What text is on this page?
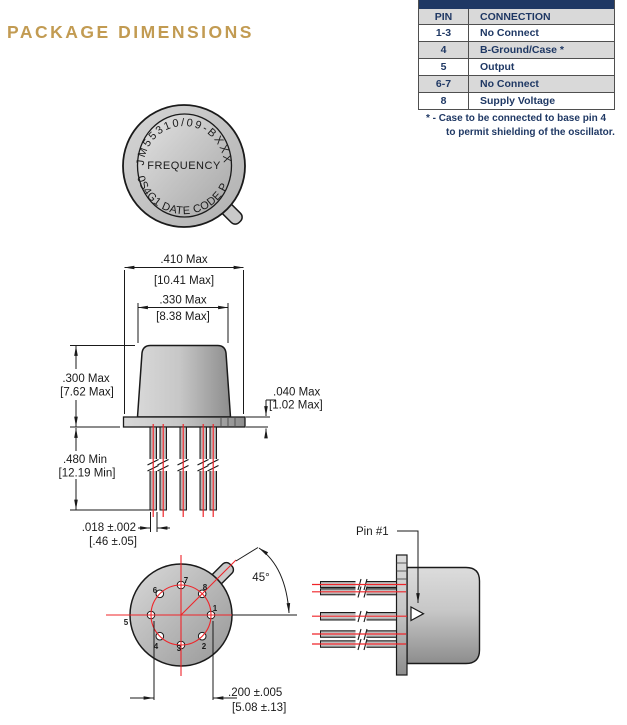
PACKAGE DIMENSIONS
PIN	CONNECTION
1-3	No Connect
4	B-Ground/Case *
5	Output
6-7	No Connect
8	Supply Voltage
* - Case to be connected to base pin 4
to permit shielding of the oscillator.
JM55310/09-BXXX
FREQUENCY
0S4G1 DATE CODE P
.410 Max
[10.41 Max]
.330 Max
[8.38 Max]
.300 Max
[7.62 Max]	.040 Max
[1.02 Max]
.480 Min
[12.19 Min]
.018 ±.002
[.46 ±.05]
1
2
3
4
5
6
7
8
45°
.200 ±.005
[5.08 ±.13]
Pin #1
